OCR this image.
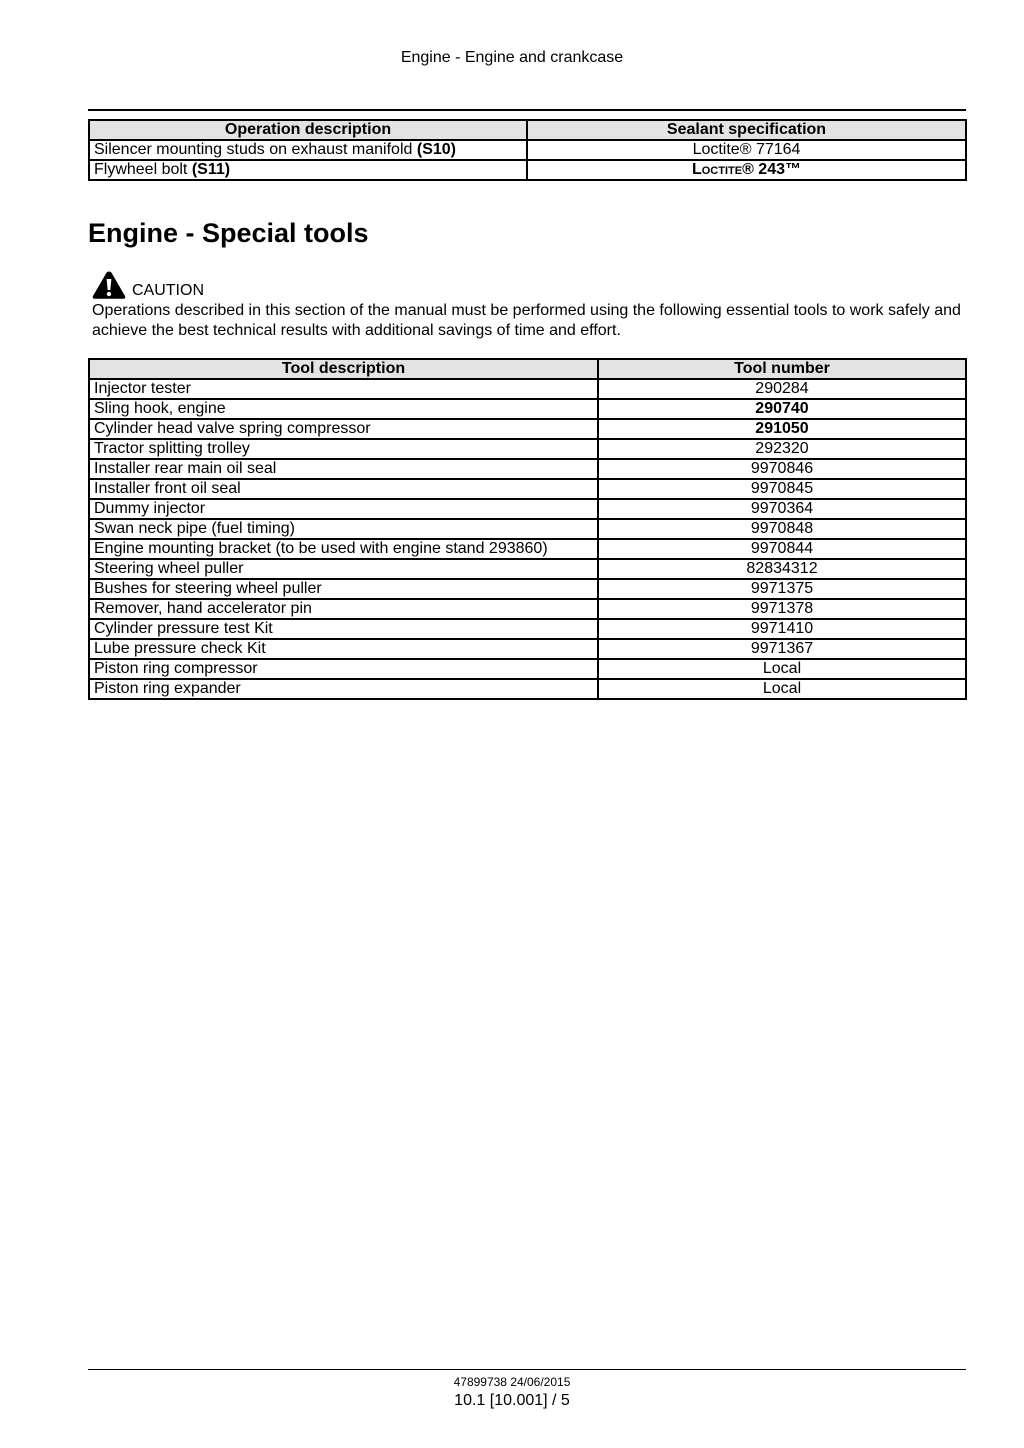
Engine - Engine and crankcase
Operation description	Sealant specification
Silencer mounting studs on exhaust manifold (S10)	Loctite® 77164
Flywheel bolt (S11)	Loctite® 243™
Engine - Special tools
CAUTION

Operations described in this section of the manual must be performed using the following essential tools to work safely and achieve the best technical results with additional savings of time and effort.

Tool description	Tool number
Injector tester	290284
Sling hook, engine	290740
Cylinder head valve spring compressor	291050
Tractor splitting trolley	292320
Installer rear main oil seal	9970846
Installer front oil seal	9970845
Dummy injector	9970364
Swan neck pipe (fuel timing)	9970848
Engine mounting bracket (to be used with engine stand 293860)	9970844
Steering wheel puller	82834312
Bushes for steering wheel puller	9971375
Remover, hand accelerator pin	9971378
Cylinder pressure test Kit	9971410
Lube pressure check Kit	9971367
Piston ring compressor	Local
Piston ring expander	Local
47899738 24/06/2015
10.1 [10.001] / 5
